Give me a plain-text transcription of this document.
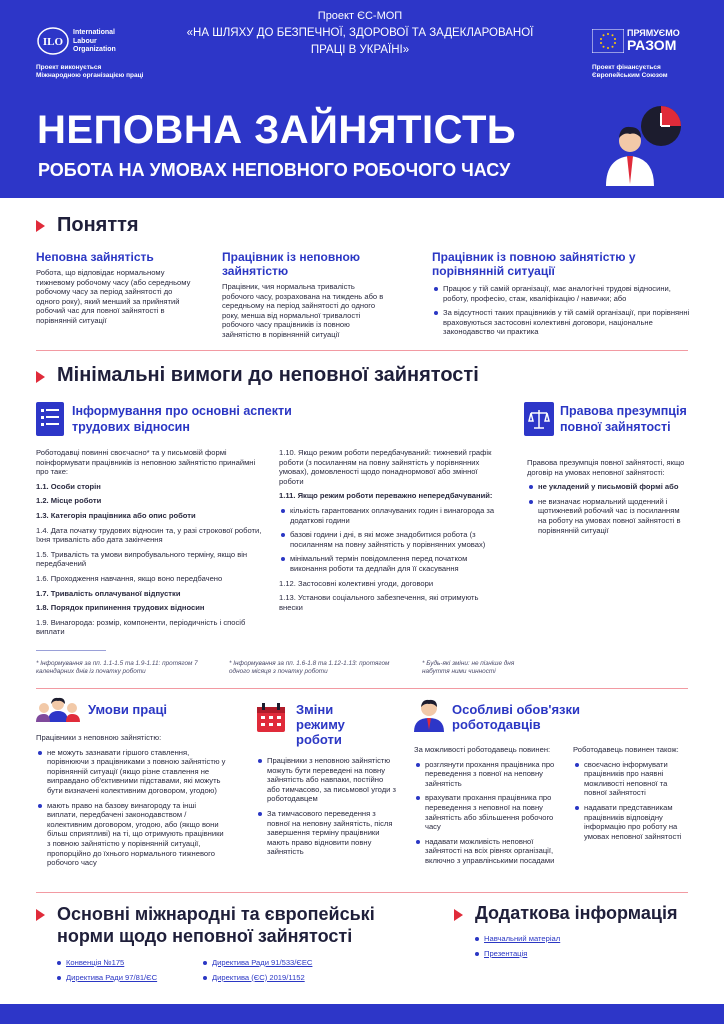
ILO
International
Labour
Organization
Проект виконується
Міжнародною організацією праці
Проект ЄС-МОП
«НА ШЛЯХУ ДО БЕЗПЕЧНОЇ, ЗДОРОВОЇ ТА ЗАДЕКЛАРОВАНОЇ
ПРАЦІ В УКРАЇНІ»
ПРЯМУЄМО
РАЗОМ
Проект фінансується
Європейським Союзом
НЕПОВНА ЗАЙНЯТІСТЬ
РОБОТА НА УМОВАХ НЕПОВНОГО РОБОЧОГО ЧАСУ
Поняття
Неповна зайнятість
Робота, що відповідає нормальному тижневому робочому часу (або середньому робочому часу за період зайнятості до одного року), який менший за прийнятий робочий час для повної зайнятості в порівнянній ситуації
Працівник із неповною зайнятістю
Працівник, чия нормальна тривалість робочого часу, розрахована на тиждень або в середньому на період зайнятості до одного року, менша від нормальної тривалості робочого часу працівників із повною зайнятістю в порівнянній ситуації
Працівник із повною зайнятістю у порівнянній ситуації
Працює у тій самій організації, має аналогічні трудові відносини, роботу, професію, стаж, кваліфікацію / навички; або
За відсутності таких працівників у тій самій організації, при порівнянні враховуються застосовні колективні договори, національне законодавство чи практика
Мінімальні вимоги до неповної зайнятості
Інформування про основні аспекти
трудових відносин

Роботодавці повинні своєчасно* та у письмовій формі поінформувати працівників із неповною зайнятістю принаймні про таке:

1.1. Особи сторін

1.2. Місце роботи

1.3. Категорія працівника або опис роботи

1.4. Дата початку трудових відносин та, у разі строкової роботи, їхня тривалість або дата закінчення

1.5. Тривалість та умови випробувального терміну, якщо він передбачений

1.6. Проходження навчання, якщо воно передбачено

1.7. Тривалість оплачуваної відпустки

1.8. Порядок припинення трудових відносин

1.9. Винагорода: розмір, компоненти, періодичність і спосіб виплати

1.10. Якщо режим роботи передбачуваний: тижневий графік роботи (з посиланням на повну зайнятість у порівнянних умовах), домовленості щодо понаднормової або змінної роботи

1.11. Якщо режим роботи переважно непередбачуваний:

кількість гарантованих оплачуваних годин і винагорода за додаткові години
базові години і дні, в які може знадобитися робота (з посиланням на повну зайнятість у порівнянних умовах)
мінімальний термін повідомлення перед початком виконання роботи та дедлайн для її скасування

1.12. Застосовні колективні угоди, договори

1.13. Установи соціального забезпечення, які отримують внески

* Інформування за пп. 1.1-1.5 та 1.9-1.11: протягом 7 календарних днів із початку роботи
* Інформування за пп. 1.6-1.8 та 1.12-1.13: протягом одного місяця з початку роботи
* Будь-які зміни: не пізніше дня набуття ними чинності
Правова презумпція повної зайнятості

Правова презумпція повної зайнятості, якщо договір на умовах неповної зайнятості:

не укладений у письмовій формі або
не визначає нормальний щоденний і щотижневий робочий час із посиланням на роботу на умовах повної зайнятості в порівнянній ситуації
Умови праці

Працівники з неповною зайнятістю:

не можуть зазнавати гіршого ставлення, порівнюючи з працівниками з повною зайнятістю у порівнянній ситуації (якщо різне ставлення не виправдано об'єктивними підставами, які можуть бути визначені колективним договором, угодою)
мають право на базову винагороду та інші виплати, передбачені законодавством / колективним договором, угодою, або (якщо вони більш сприятливі) на ті, що отримують працівники з повною зайнятістю у порівнянній ситуації, пропорційно до їхнього нормального тижневого робочого часу
Зміни
режиму
роботи
Працівники з неповною зайнятістю можуть бути переведені на повну зайнятість або навпаки, постійно або тимчасово, за письмової угоди з роботодавцем
За тимчасового переведення з повної на неповну зайнятість, після завершення терміну працівники мають право відновити повну зайнятість
Особливі обов'язки
роботодавців

За можливості роботодавець повинен:

розглянути прохання працівника про переведення з повної на неповну зайнятість
врахувати прохання працівника про переведення з неповної на повну зайнятість або збільшення робочого часу
надавати можливість неповної зайнятості на всіх рівнях організації, включно з управлінськими посадами

Роботодавець повинен також:

своєчасно інформувати працівників про наявні можливості неповної та повної зайнятості
надавати представникам працівників відповідну інформацію про роботу на умовах неповної зайнятості
Основні міжнародні та європейські
норми щодо неповної зайнятості
Конвенція №175
Директива Ради 97/81/ЄС
Директива Ради 91/533/ЄЕС
Директива (ЄС) 2019/1152
Додаткова інформація
Навчальний матеріал
Презентація
